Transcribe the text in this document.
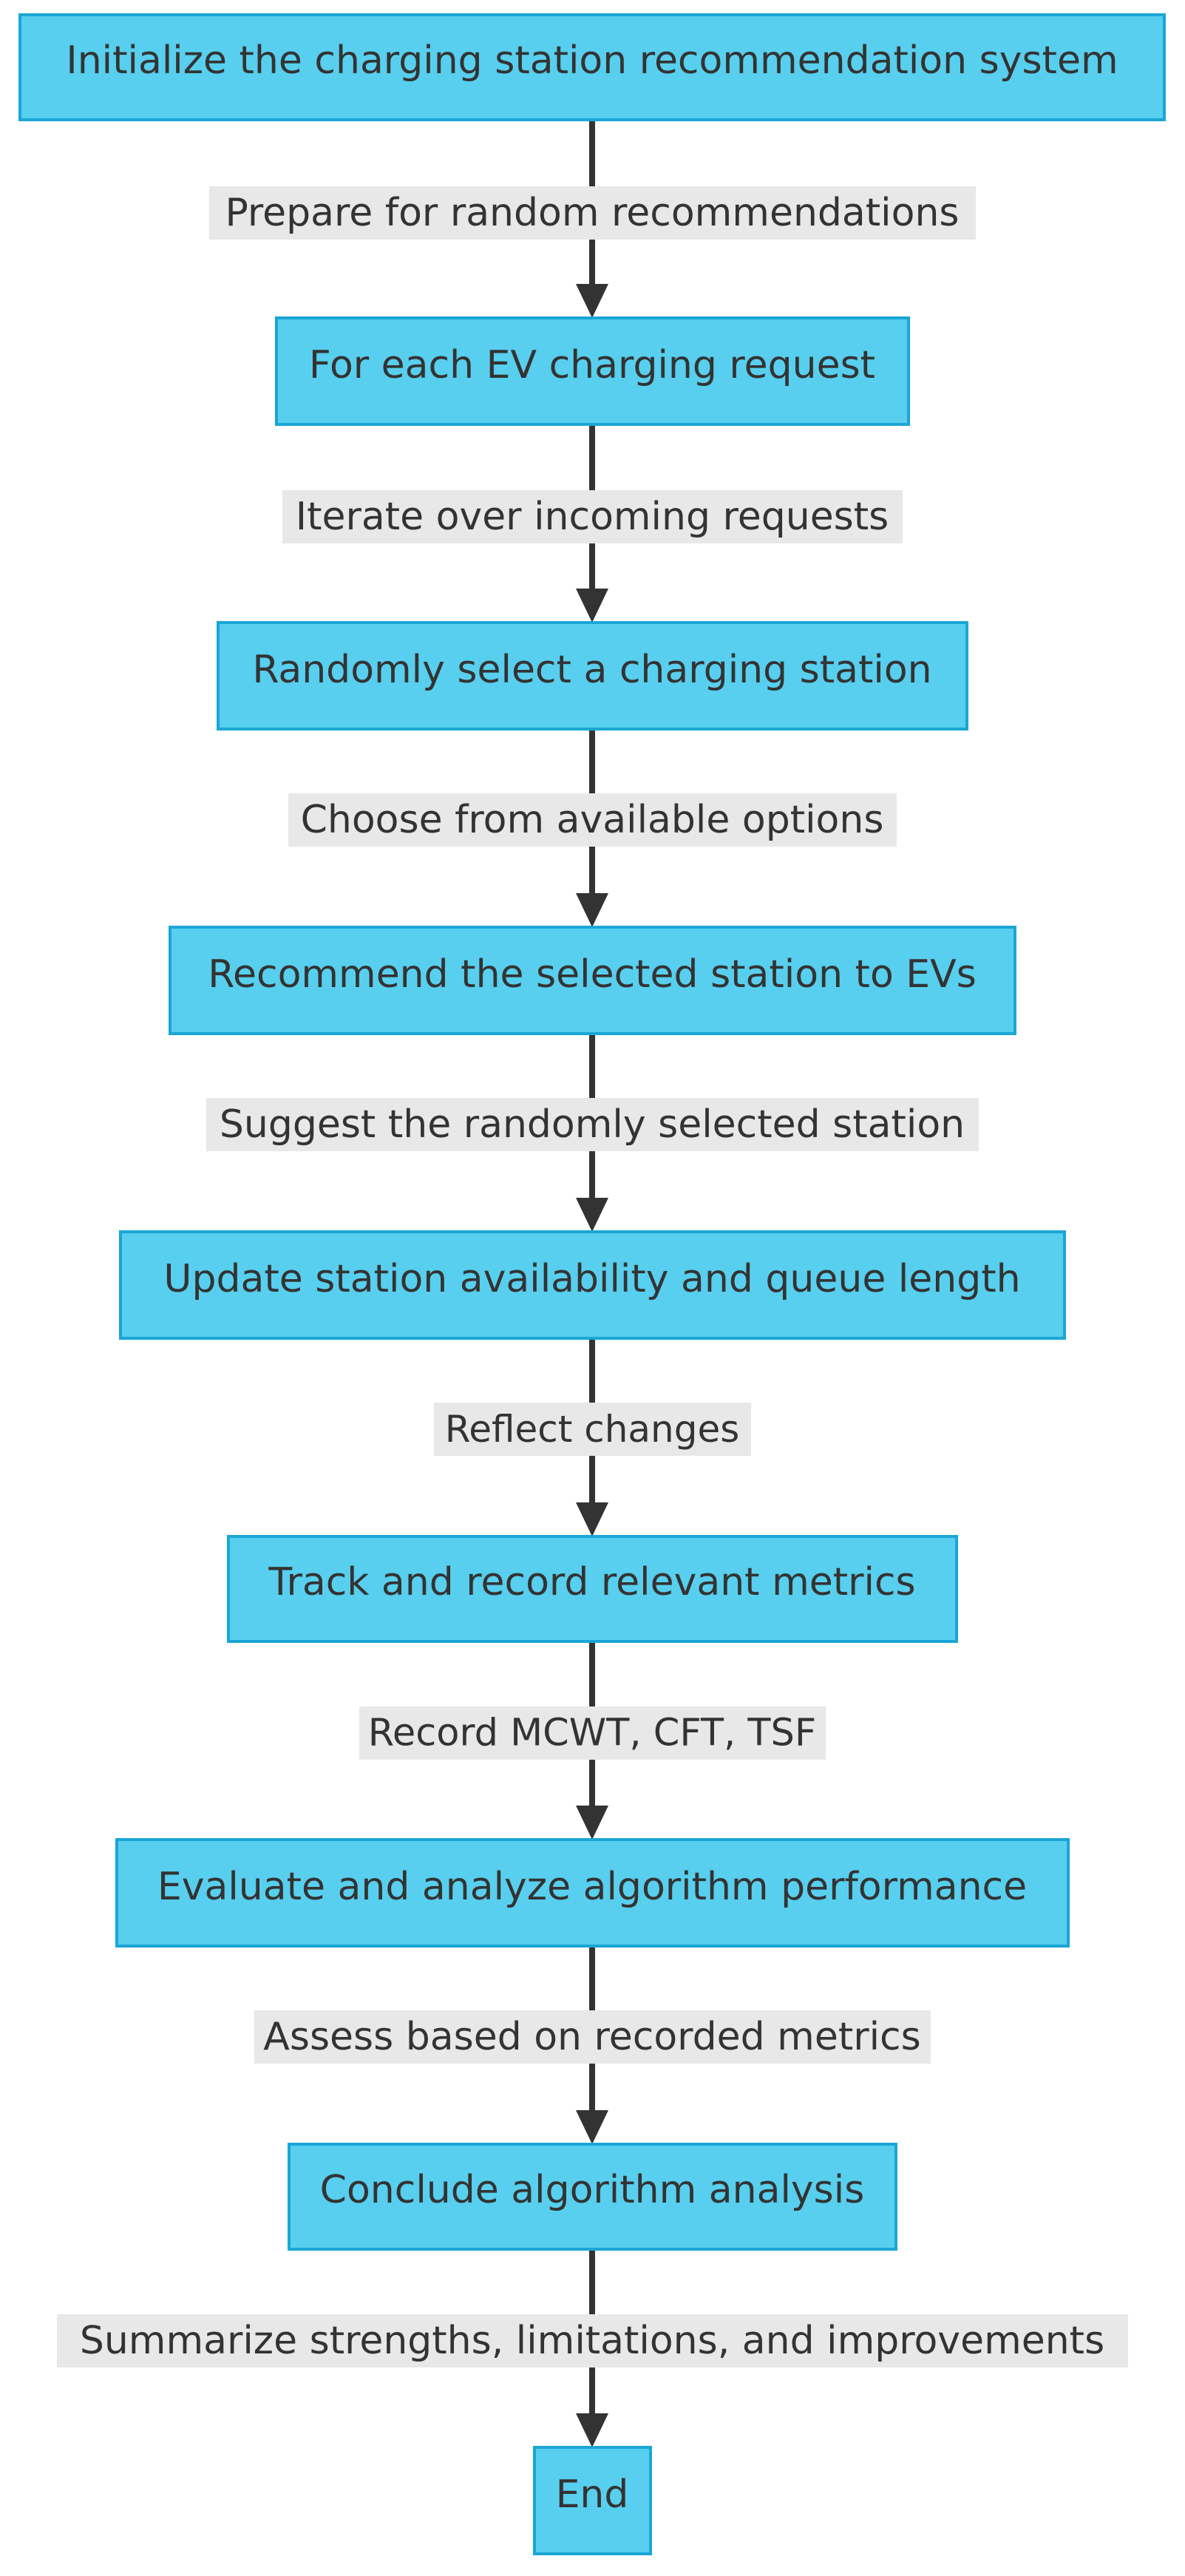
Prepare for random recommendations
Iterate over incoming requests
Choose from available options
Suggest the randomly selected station
Reflect changes
Record MCWT, CFT, TSF
Assess based on recorded metrics
Summarize strengths, limitations, and improvements
Initialize the charging station recommendation system
For each EV charging request
Randomly select a charging station
Recommend the selected station to EVs
Update station availability and queue length
Track and record relevant metrics
Evaluate and analyze algorithm performance
Conclude algorithm analysis
End
